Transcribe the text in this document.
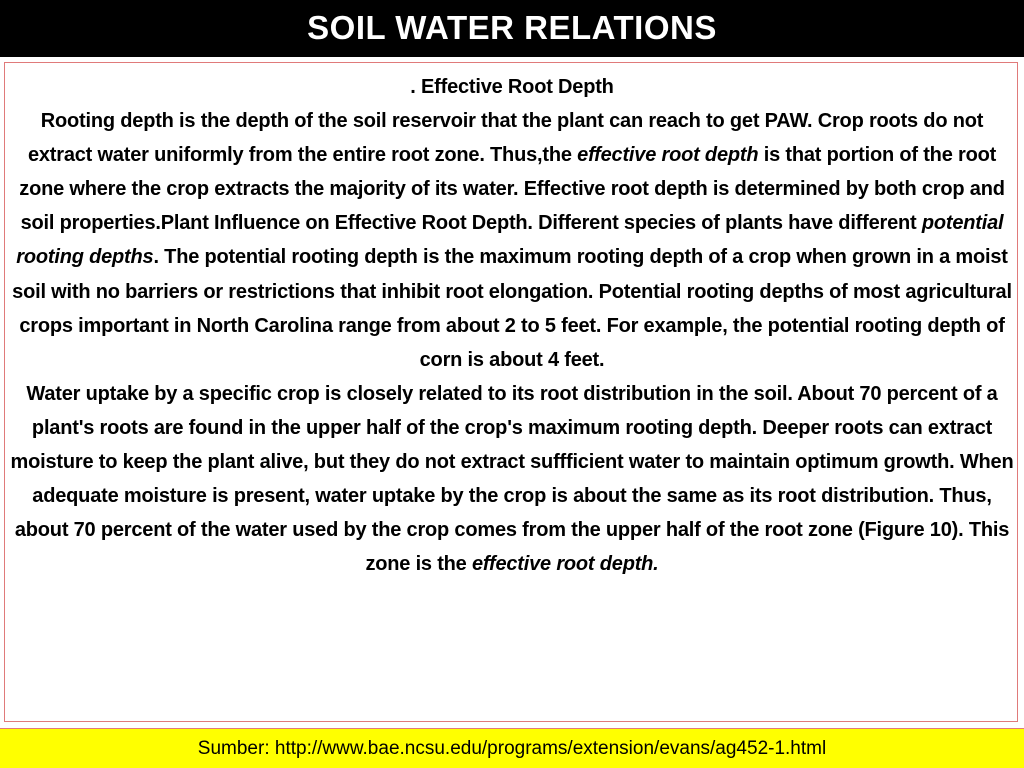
SOIL WATER RELATIONS
. Effective Root Depth
Rooting depth is the depth of the soil reservoir that the plant can reach to get PAW. Crop roots do not extract water uniformly from the entire root zone. Thus,the effective root depth is that portion of the root zone where the crop extracts the majority of its water. Effective root depth is determined by both crop and soil properties.Plant Influence on Effective Root Depth. Different species of plants have different potential rooting depths. The potential rooting depth is the maximum rooting depth of a crop when grown in a moist soil with no barriers or restrictions that inhibit root elongation. Potential rooting depths of most agricultural crops important in North Carolina range from about 2 to 5 feet. For example, the potential rooting depth of corn is about 4 feet.
Water uptake by a specific crop is closely related to its root distribution in the soil. About 70 percent of a plant's roots are found in the upper half of the crop's maximum rooting depth. Deeper roots can extract moisture to keep the plant alive, but they do not extract suffficient water to maintain optimum growth. When adequate moisture is present, water uptake by the crop is about the same as its root distribution. Thus, about 70 percent of the water used by the crop comes from the upper half of the root zone (Figure 10). This zone is the effective root depth.
Sumber: http://www.bae.ncsu.edu/programs/extension/evans/ag452-1.html
